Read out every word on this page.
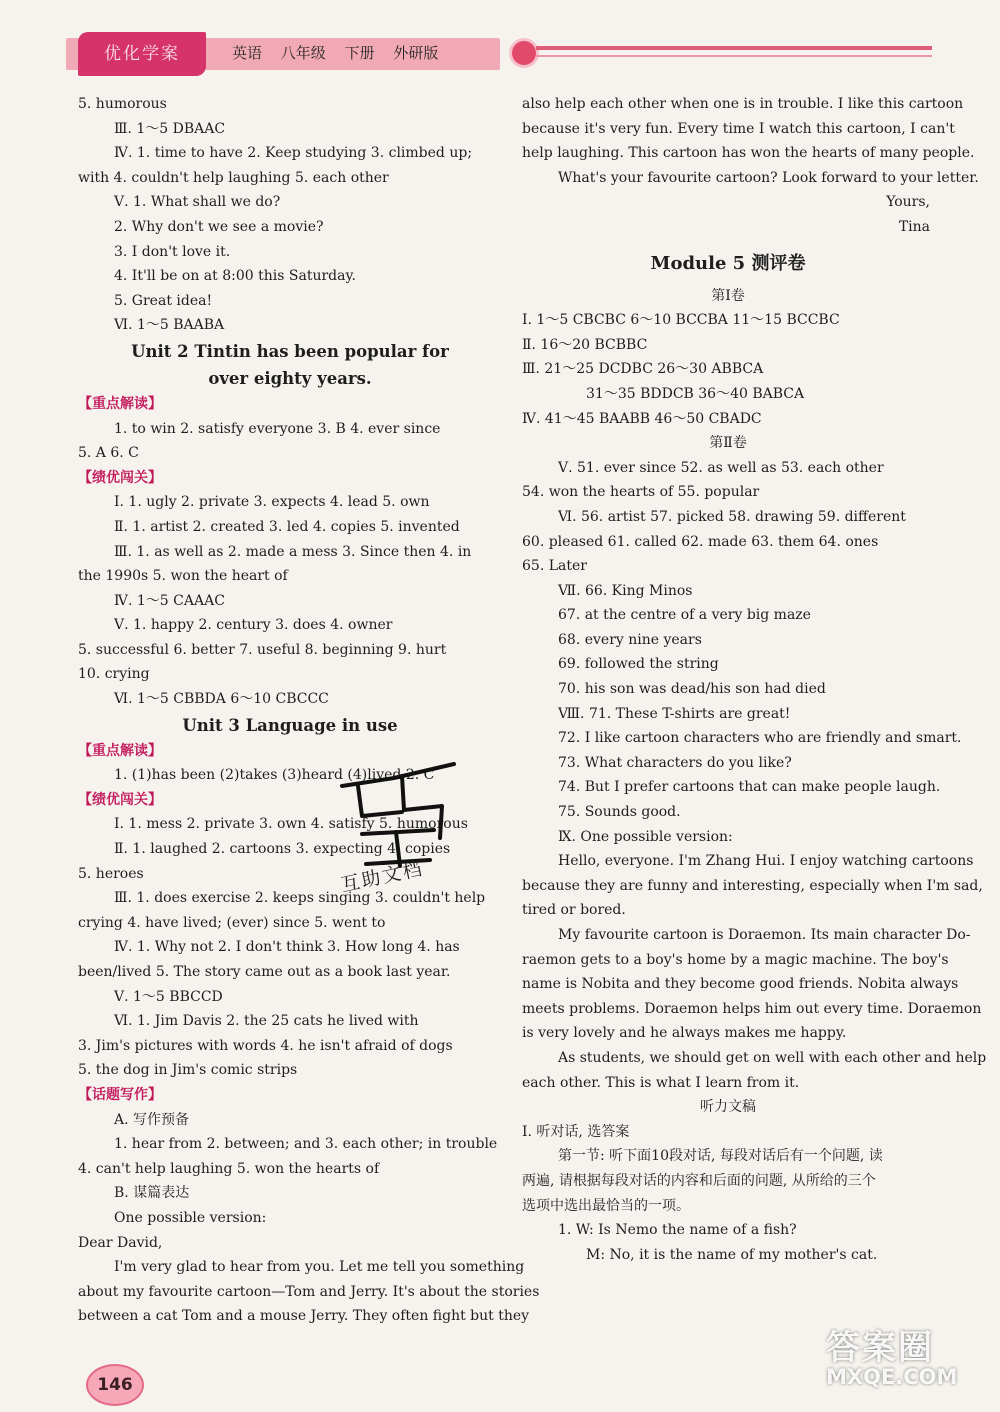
优化学案	英语 八年级 下册 外研版

5. humorous

Ⅲ. 1～5 DBAAC

Ⅳ. 1. time to have 2. Keep studying 3. climbed up;

with 4. couldn't help laughing 5. each other

Ⅴ. 1. What shall we do?

2. Why don't we see a movie?

3. I don't love it.

4. It'll be on at 8:00 this Saturday.

5. Great idea!

Ⅵ. 1～5 BAABA

Unit 2 Tintin has been popular for

over eighty years.

【重点解读】

1. to win 2. satisfy everyone 3. B 4. ever since

5. A 6. C

【绩优闯关】

Ⅰ. 1. ugly 2. private 3. expects 4. lead 5. own

Ⅱ. 1. artist 2. created 3. led 4. copies 5. invented

Ⅲ. 1. as well as 2. made a mess 3. Since then 4. in

the 1990s 5. won the heart of

Ⅳ. 1～5 CAAAC

Ⅴ. 1. happy 2. century 3. does 4. owner

5. successful 6. better 7. useful 8. beginning 9. hurt

10. crying

Ⅵ. 1～5 CBBDA 6～10 CBCCC

Unit 3 Language in use

【重点解读】

1. (1)has been (2)takes (3)heard (4)lived 2. C

【绩优闯关】

Ⅰ. 1. mess 2. private 3. own 4. satisfy 5. humorous

Ⅱ. 1. laughed 2. cartoons 3. expecting 4. copies

5. heroes

Ⅲ. 1. does exercise 2. keeps singing 3. couldn't help

crying 4. have lived; (ever) since 5. went to

Ⅳ. 1. Why not 2. I don't think 3. How long 4. has

been/lived 5. The story came out as a book last year.

Ⅴ. 1～5 BBCCD

Ⅵ. 1. Jim Davis 2. the 25 cats he lived with

3. Jim's pictures with words 4. he isn't afraid of dogs

5. the dog in Jim's comic strips

【话题写作】

A. 写作预备

1. hear from 2. between; and 3. each other; in trouble

4. can't help laughing 5. won the hearts of

B. 谋篇表达

One possible version:

Dear David,

I'm very glad to hear from you. Let me tell you something

about my favourite cartoon—Tom and Jerry. It's about the stories

between a cat Tom and a mouse Jerry. They often fight but they

also help each other when one is in trouble. I like this cartoon

because it's very fun. Every time I watch this cartoon, I can't

help laughing. This cartoon has won the hearts of many people.

What's your favourite cartoon? Look forward to your letter.

Yours,

Tina

Module 5 测评卷

第Ⅰ卷

Ⅰ. 1～5 CBCBC 6～10 BCCBA 11～15 BCCBC

Ⅱ. 16～20 BCBBC

Ⅲ. 21～25 DCDBC 26～30 ABBCA

31～35 BDDCB 36～40 BABCA

Ⅳ. 41～45 BAABB 46～50 CBADC

第Ⅱ卷

Ⅴ. 51. ever since 52. as well as 53. each other

54. won the hearts of 55. popular

Ⅵ. 56. artist 57. picked 58. drawing 59. different

60. pleased 61. called 62. made 63. them 64. ones

65. Later

Ⅶ. 66. King Minos

67. at the centre of a very big maze

68. every nine years

69. followed the string

70. his son was dead/his son had died

Ⅷ. 71. These T-shirts are great!

72. I like cartoon characters who are friendly and smart.

73. What characters do you like?

74. But I prefer cartoons that can make people laugh.

75. Sounds good.

Ⅸ. One possible version:

Hello, everyone. I'm Zhang Hui. I enjoy watching cartoons

because they are funny and interesting, especially when I'm sad,

tired or bored.

My favourite cartoon is Doraemon. Its main character Do-

raemon gets to a boy's home by a magic machine. The boy's

name is Nobita and they become good friends. Nobita always

meets problems. Doraemon helps him out every time. Doraemon

is very lovely and he always makes me happy.

As students, we should get on well with each other and help

each other. This is what I learn from it.

听力文稿

Ⅰ. 听对话, 选答案

第一节: 听下面10段对话, 每段对话后有一个问题, 读

两遍, 请根据每段对话的内容和后面的问题, 从所给的三个

选项中选出最恰当的一项。

1. W: Is Nemo the name of a fish?

M: No, it is the name of my mother's cat.

互助文档
146
答案圈
MXQE.COM
